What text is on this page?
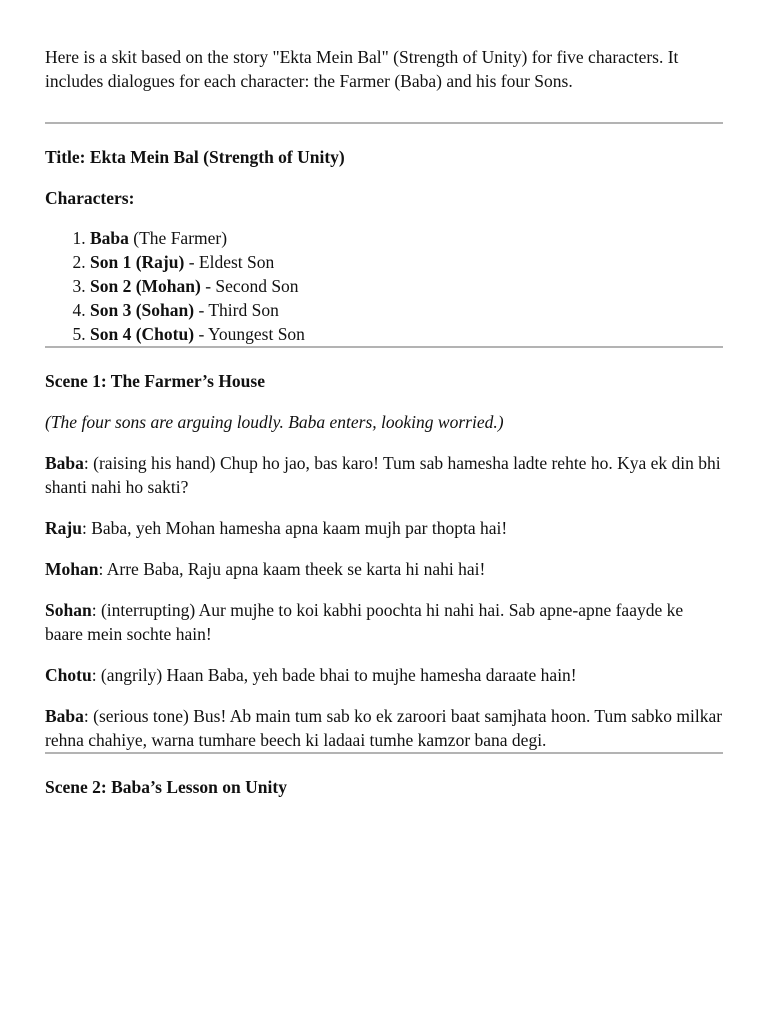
Here is a skit based on the story "Ekta Mein Bal" (Strength of Unity) for five characters. It includes dialogues for each character: the Farmer (Baba) and his four Sons.

Title: Ekta Mein Bal (Strength of Unity)

Characters:

1. Baba (The Farmer)
2. Son 1 (Raju) - Eldest Son
3. Son 2 (Mohan) - Second Son
4. Son 3 (Sohan) - Third Son
5. Son 4 (Chotu) - Youngest Son

Scene 1: The Farmer’s House

(The four sons are arguing loudly. Baba enters, looking worried.)

Baba: (raising his hand) Chup ho jao, bas karo! Tum sab hamesha ladte rehte ho. Kya ek din bhi shanti nahi ho sakti?

Raju: Baba, yeh Mohan hamesha apna kaam mujh par thopta hai!

Mohan: Arre Baba, Raju apna kaam theek se karta hi nahi hai!

Sohan: (interrupting) Aur mujhe to koi kabhi poochta hi nahi hai. Sab apne-apne faayde ke baare mein sochte hain!

Chotu: (angrily) Haan Baba, yeh bade bhai to mujhe hamesha daraate hain!

Baba: (serious tone) Bus! Ab main tum sab ko ek zaroori baat samjhata hoon. Tum sabko milkar rehna chahiye, warna tumhare beech ki ladaai tumhe kamzor bana degi.

Scene 2: Baba’s Lesson on Unity
